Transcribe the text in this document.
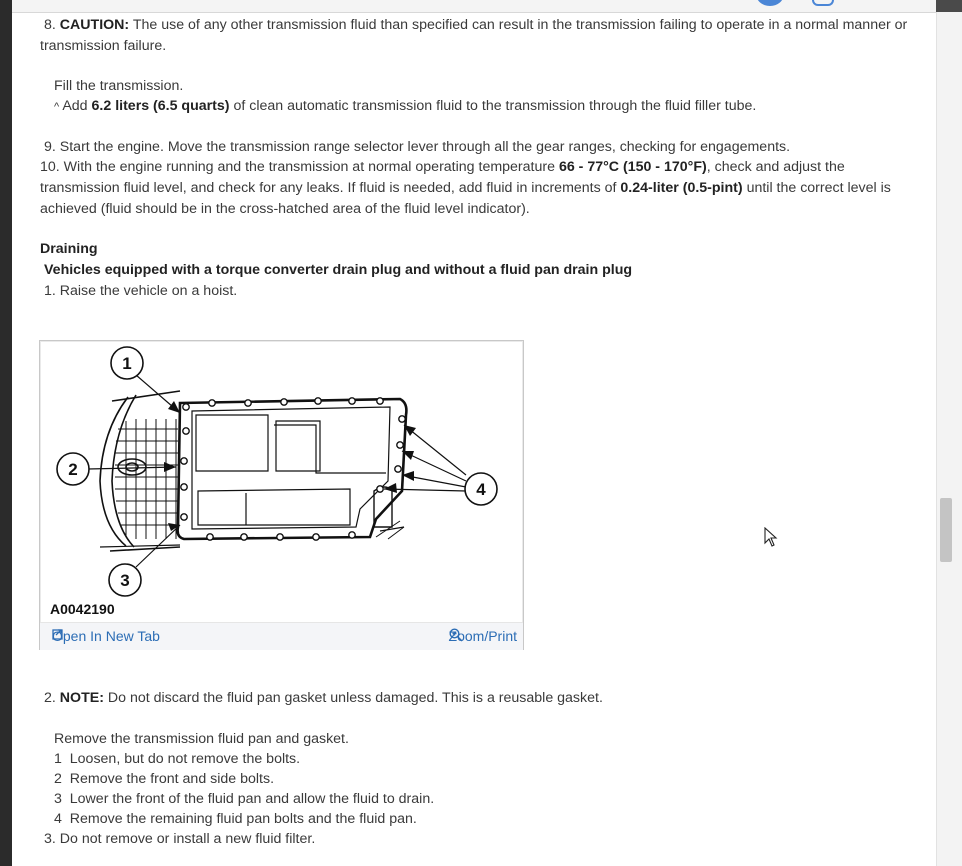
8. CAUTION: The use of any other transmission fluid than specified can result in the transmission failing to operate in a normal manner or
transmission failure.
Fill the transmission.
^ Add 6.2 liters (6.5 quarts) of clean automatic transmission fluid to the transmission through the fluid filler tube.
9. Start the engine. Move the transmission range selector lever through all the gear ranges, checking for engagements.
10. With the engine running and the transmission at normal operating temperature 66 - 77°C (150 - 170°F), check and adjust the
transmission fluid level, and check for any leaks. If fluid is needed, add fluid in increments of 0.24-liter (0.5-pint) until the correct level is
achieved (fluid should be in the cross-hatched area of the fluid level indicator).
Draining
Vehicles equipped with a torque converter drain plug and without a fluid pan drain plug
1. Raise the vehicle on a hoist.
1
2
3
4
A0042190
Open In New Tab	Zoom/Print
2. NOTE: Do not discard the fluid pan gasket unless damaged. This is a reusable gasket.
Remove the transmission fluid pan and gasket.
1 Loosen, but do not remove the bolts.
2 Remove the front and side bolts.
3 Lower the front of the fluid pan and allow the fluid to drain.
4 Remove the remaining fluid pan bolts and the fluid pan.
3. Do not remove or install a new fluid filter.
